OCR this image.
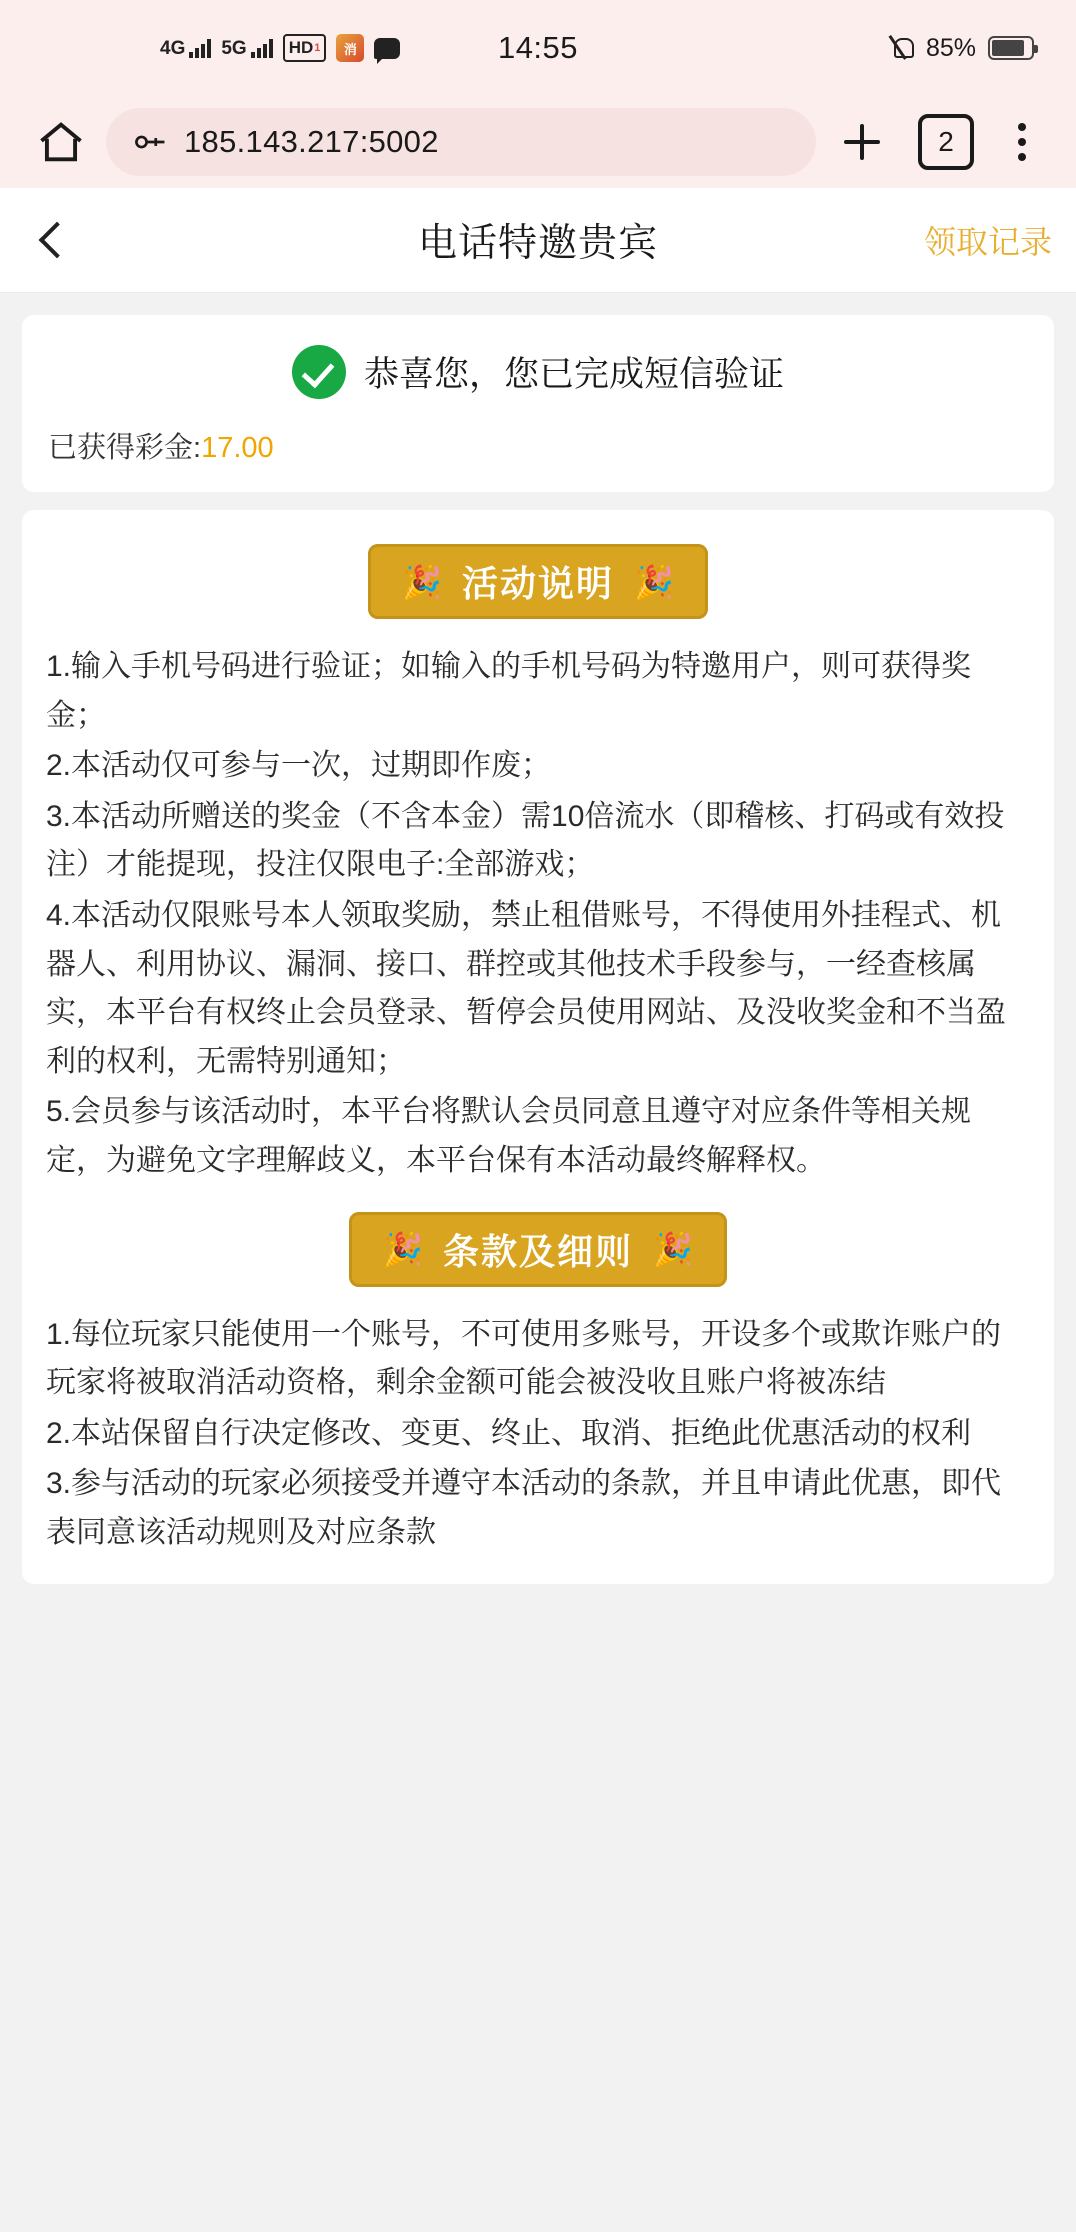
4G 5G HD 1	消	14:55	85%
185.143.217:5002	2
电话特邀贵宾	领取记录
恭喜您，您已完成短信验证
已获得彩金:17.00
🎉 活动说明 🎉

1.输入手机号码进行验证；如输入的手机号码为特邀用户，则可获得奖金；

2.本活动仅可参与一次，过期即作废；

3.本活动所赠送的奖金（不含本金）需10倍流水（即稽核、打码或有效投注）才能提现，投注仅限电子:全部游戏；

4.本活动仅限账号本人领取奖励，禁止租借账号，不得使用外挂程式、机器人、利用协议、漏洞、接口、群控或其他技术手段参与，一经查核属实，本平台有权终止会员登录、暂停会员使用网站、及没收奖金和不当盈利的权利，无需特别通知；

5.会员参与该活动时，本平台将默认会员同意且遵守对应条件等相关规定，为避免文字理解歧义，本平台保有本活动最终解释权。

🎉 条款及细则 🎉

1.每位玩家只能使用一个账号，不可使用多账号，开设多个或欺诈账户的玩家将被取消活动资格，剩余金额可能会被没收且账户将被冻结

2.本站保留自行决定修改、变更、终止、取消、拒绝此优惠活动的权利

3.参与活动的玩家必须接受并遵守本活动的条款，并且申请此优惠，即代表同意该活动规则及对应条款
